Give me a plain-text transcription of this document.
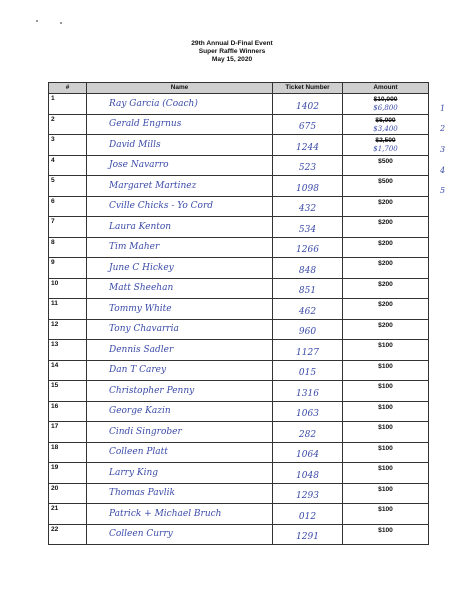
29th Annual D-Final Event
Super Raffle Winners
May 15, 2020
#	Name	Ticket Number	Amount
1	Ray Garcia (Coach)	1402	$10,000
$6,800

2	Gerald Engrnus	675	$5,000
$3,400

3	David Mills	1244	$2,500
$1,700

4	Jose Navarro	523	$500
5	Margaret Martinez	1098	$500
6	Cville Chicks - Yo Cord	432	$200
7	Laura Kenton	534	$200
8	Tim Maher	1266	$200
9	June C Hickey	848	$200
10	Matt Sheehan	851	$200
11	Tommy White	462	$200
12	Tony Chavarria	960	$200
13	Dennis Sadler	1127	$100
14	Dan T Carey	015	$100
15	Christopher Penny	1316	$100
16	George Kazin	1063	$100
17	Cindi Singrober	282	$100
18	Colleen Platt	1064	$100
19	Larry King	1048	$100
20	Thomas Pavlik	1293	$100
21	Patrick + Michael Bruch	012	$100
22	Colleen Curry	1291	$100
1
2
3
4
5
